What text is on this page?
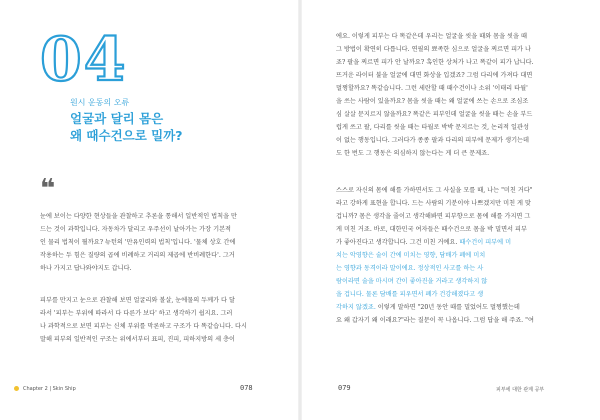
04
원시 운동의 오류
얼굴과 달리 몸은
왜 때수건으로 밀까?
❝

눈에 보이는 다양한 현상들을 관찰하고 추론을 통해서 일반적인 법칙을 만
드는 것이 과학입니다. 자동차가 달리고 우주선이 날아가는 가장 기본적
인 물리 법칙이 뭘까요? 뉴턴의 '만유인력의 법칙'입니다. '물체 상호 간에
작용하는 두 힘은 질량의 곱에 비례하고 거리의 제곱에 반비례한다'. 그거
하나 가지고 답나와야지도 갑니다.

피부를 만지고 눈으로 관찰해 보면 얼굴리와 볼살, 눈에물의 두께가 다 달
라서 '피부는 부위에 따라서 다 다른가 보다' 하고 생각하기 쉽지요. 그러
나 과학적으로 보면 피부는 신체 부위를 막론하고 구조가 다 똑같습니다. 다시
말해 피부의 일반적인 구조는 위에서부터 표피, 진피, 피하지방의 세 층이

Chapter 2 | Skin Ship	078

에요. 이렇게 피부는 다 똑같은데 우리는 얼굴을 씻을 때와 몸을 씻을 때
그 방법이 확연히 다릅니다. 연필의 뾰족한 심으로 얼굴을 찌르면 피가 나
죠? 팔을 찌르면 피가 안 날까요? 혹인한 상처가 나고 똑같이 피가 납니다.
뜨거운 라이터 불을 얼굴에 대면 화상을 입겠죠? 그럼 다리에 가져다 대면
멀쩡할까요? 똑같습니다. 그런 세란할 때 때수건이나 소위 '이태리 타월'
을 쓰는 사람이 있을까요? 몸을 씻을 때는 왜 얼굴에 쓰는 손으로 조심조
심 살살 문지르지 않을까요? 똑같은 피부인데 얼굴을 씻을 때는 손을 부드
럽게 쓰고 팔, 다리를 씻을 때는 타월로 박박 문지르는 것, 논리적 일관성
이 없는 행동입니다. 그러다가 종종 팔과 다리의 피부에 문제가 생기는데
도 한 번도 그 행동은 의심하지 않는다는 게 더 큰 문제죠.

스스로 자신의 몸에 해를 가하면서도 그 사실을 모를 때, 나는 "미친 거다"
라고 강하게 표현을 합니다. 드는 사람의 기분이야 나쁘겠지만 미친 게 맞
겁니까? 몸은 생각을 줄이고 생각해봐면 피부향으로 몸에 해를 가지면 그
게 미친 거죠. 바로, 대한민국 여자들은 때수건으로 몸을 박 밀면서 피부
가 좋아진다고 생각합니다. 그건 미친 거예요. 때수건이 피부에 미
치는 악영향은 술이 간에 미치는 영향, 담배가 폐에 미치
는 영향과 동격이라 말이에요. 정상적인 사고를 하는 사
람이라면 술을 마시며 간이 좋아진을 거라고 생각하지 않
을 겁니다. 물론 담배를 피우면서 폐가 건강해졌다고 생
각하지 않겠죠. 이렇게 말하면 "20년 동안 때를 밀었어도 멀쩡했는데
요 왜 갑자기 왜 이래요?"라는 질문이 꼭 나옵니다. 그럼 답을 해 주죠. "여

079	피부에 대한 관계 공부
